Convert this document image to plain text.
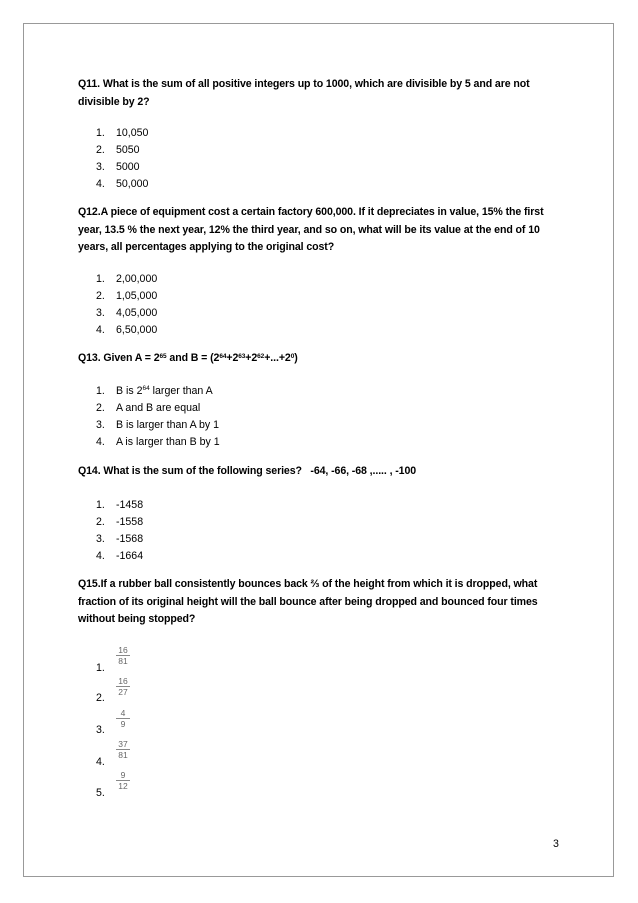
Q11. What is the sum of all positive integers up to 1000, which are divisible by 5 and are not
divisible by 2?
1. 10,050
2. 5050
3. 5000
4. 50,000
Q12.A piece of equipment cost a certain factory 600,000. If it depreciates in value, 15% the first
year, 13.5 % the next year, 12% the third year, and so on, what will be its value at the end of 10
years, all percentages applying to the original cost?
1. 2,00,000
2. 1,05,000
3. 4,05,000
4. 6,50,000
Q13. Given $A = 2^{65}$ and $B = (2^{64}+2^{63}+2^{62}+...+2^0)$
1. B is $2^{64}$ larger than A
2. A and B are equal
3. B is larger than A by 1
4. A is larger than B by 1
Q14. What is the sum of the following series?   -64, -66, -68 ,..... , -100
1. -1458
2. -1558
3. -1568
4. -1664
Q15.If a rubber ball consistently bounces back ⅔ of the height from which it is dropped, what
fraction of its original height will the ball bounce after being dropped and bounced four times
without being stopped?
1.
$\frac{16}{81}$
2.
$\frac{16}{27}$
3.
$\frac{4}{9}$
4.
$\frac{37}{81}$
5.
$\frac{9}{12}$
3
